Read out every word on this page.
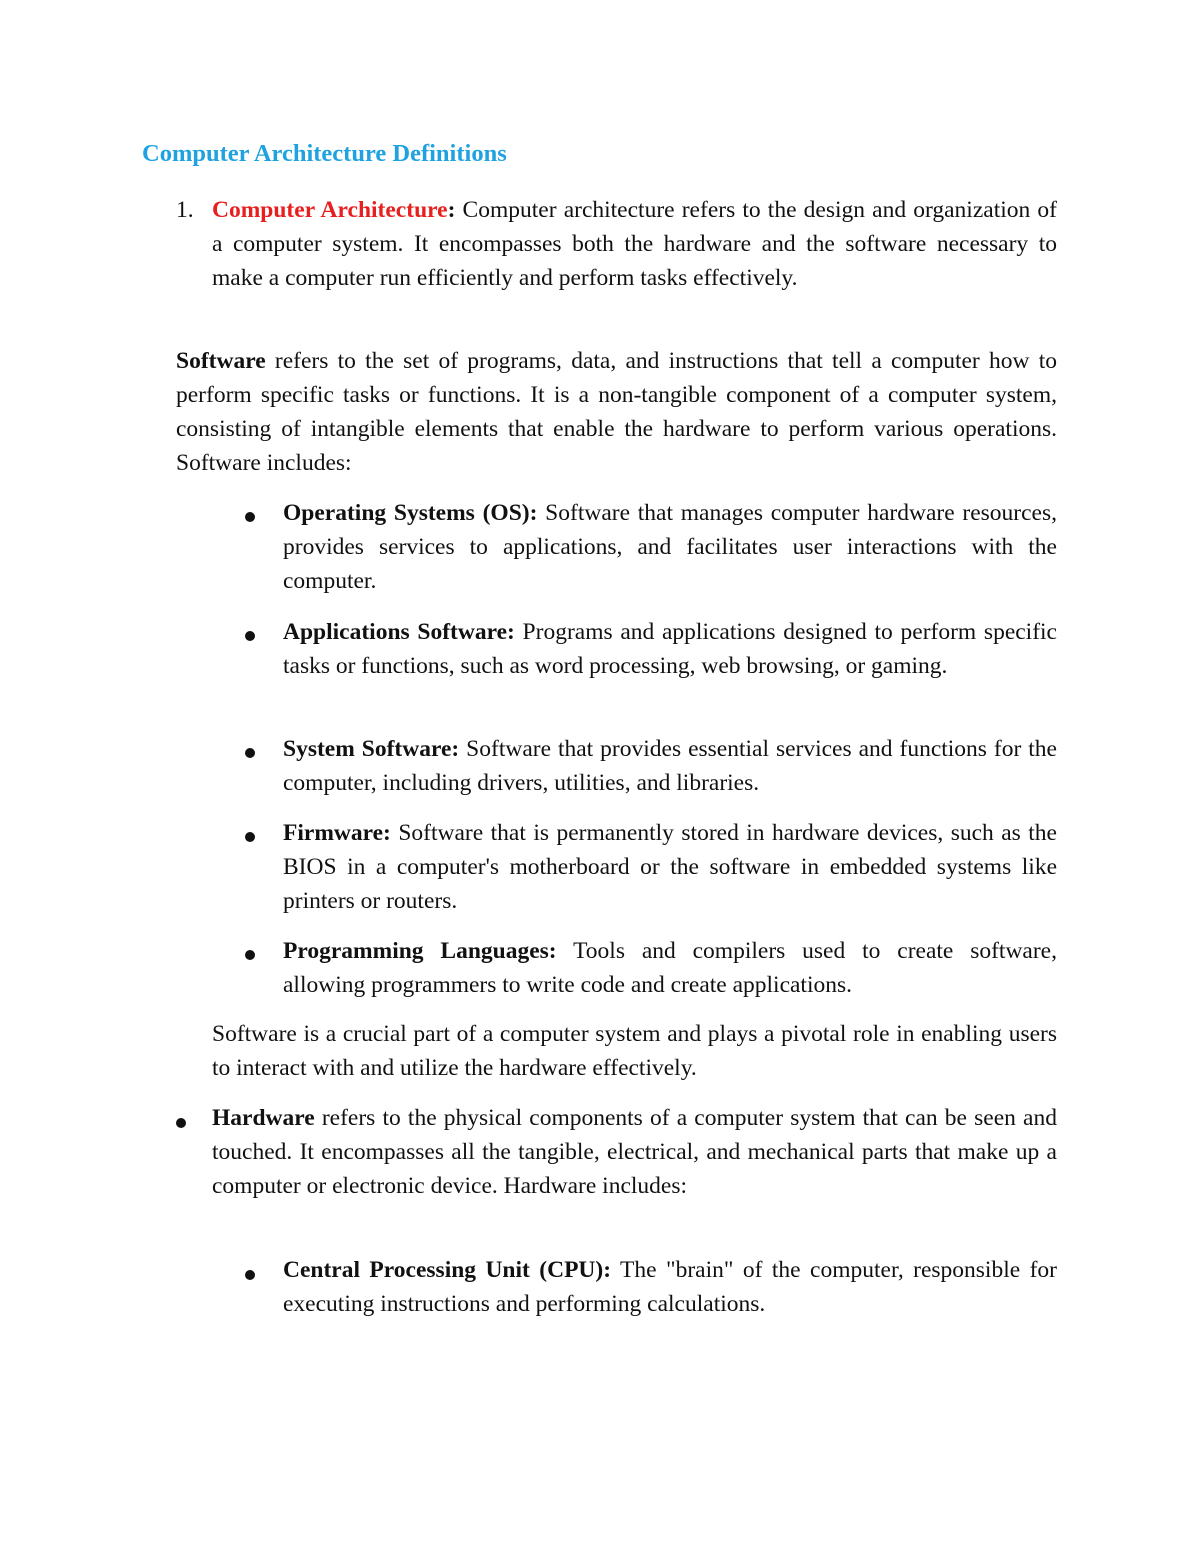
Computer Architecture Definitions
1. Computer Architecture: Computer architecture refers to the design and organization of a computer system. It encompasses both the hardware and the software necessary to make a computer run efficiently and perform tasks effectively.

Software refers to the set of programs, data, and instructions that tell a computer how to perform specific tasks or functions. It is a non-tangible component of a computer system, consisting of intangible elements that enable the hardware to perform various operations. Software includes:

Operating Systems (OS): Software that manages computer hardware resources, provides services to applications, and facilitates user interactions with the computer.

Applications Software: Programs and applications designed to perform specific tasks or functions, such as word processing, web browsing, or gaming.

System Software: Software that provides essential services and functions for the computer, including drivers, utilities, and libraries.

Firmware: Software that is permanently stored in hardware devices, such as the BIOS in a computer's motherboard or the software in embedded systems like printers or routers.

Programming Languages: Tools and compilers used to create software, allowing programmers to write code and create applications.

Software is a crucial part of a computer system and plays a pivotal role in enabling users to interact with and utilize the hardware effectively.

Hardware refers to the physical components of a computer system that can be seen and touched. It encompasses all the tangible, electrical, and mechanical parts that make up a computer or electronic device. Hardware includes:

Central Processing Unit (CPU): The "brain" of the computer, responsible for executing instructions and performing calculations.
